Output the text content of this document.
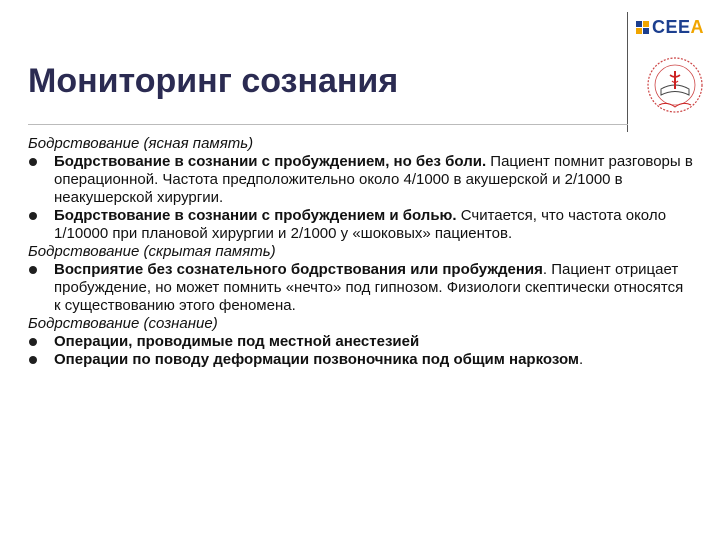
CEEA
Мониторинг сознания
Бодрствование (ясная память)
Бодрствование в сознании с пробуждением, но без боли. Пациент помнит разговоры в операционной. Частота предположительно около 4/1000 в акушерской и 2/1000 в неакушерской хирургии.
Бодрствование в сознании с пробуждением и болью. Считается, что частота около 1/10000 при плановой хирургии и 2/1000 у «шоковых» пациентов.
Бодрствование (скрытая память)
Восприятие без сознательного бодрствования или пробуждения. Пациент отрицает пробуждение, но может помнить «нечто» под гипнозом. Физиологи скептически относятся к существованию этого феномена.
Бодрствование (сознание)
Операции, проводимые под местной анестезией
Операции по поводу деформации позвоночника под общим наркозом.
